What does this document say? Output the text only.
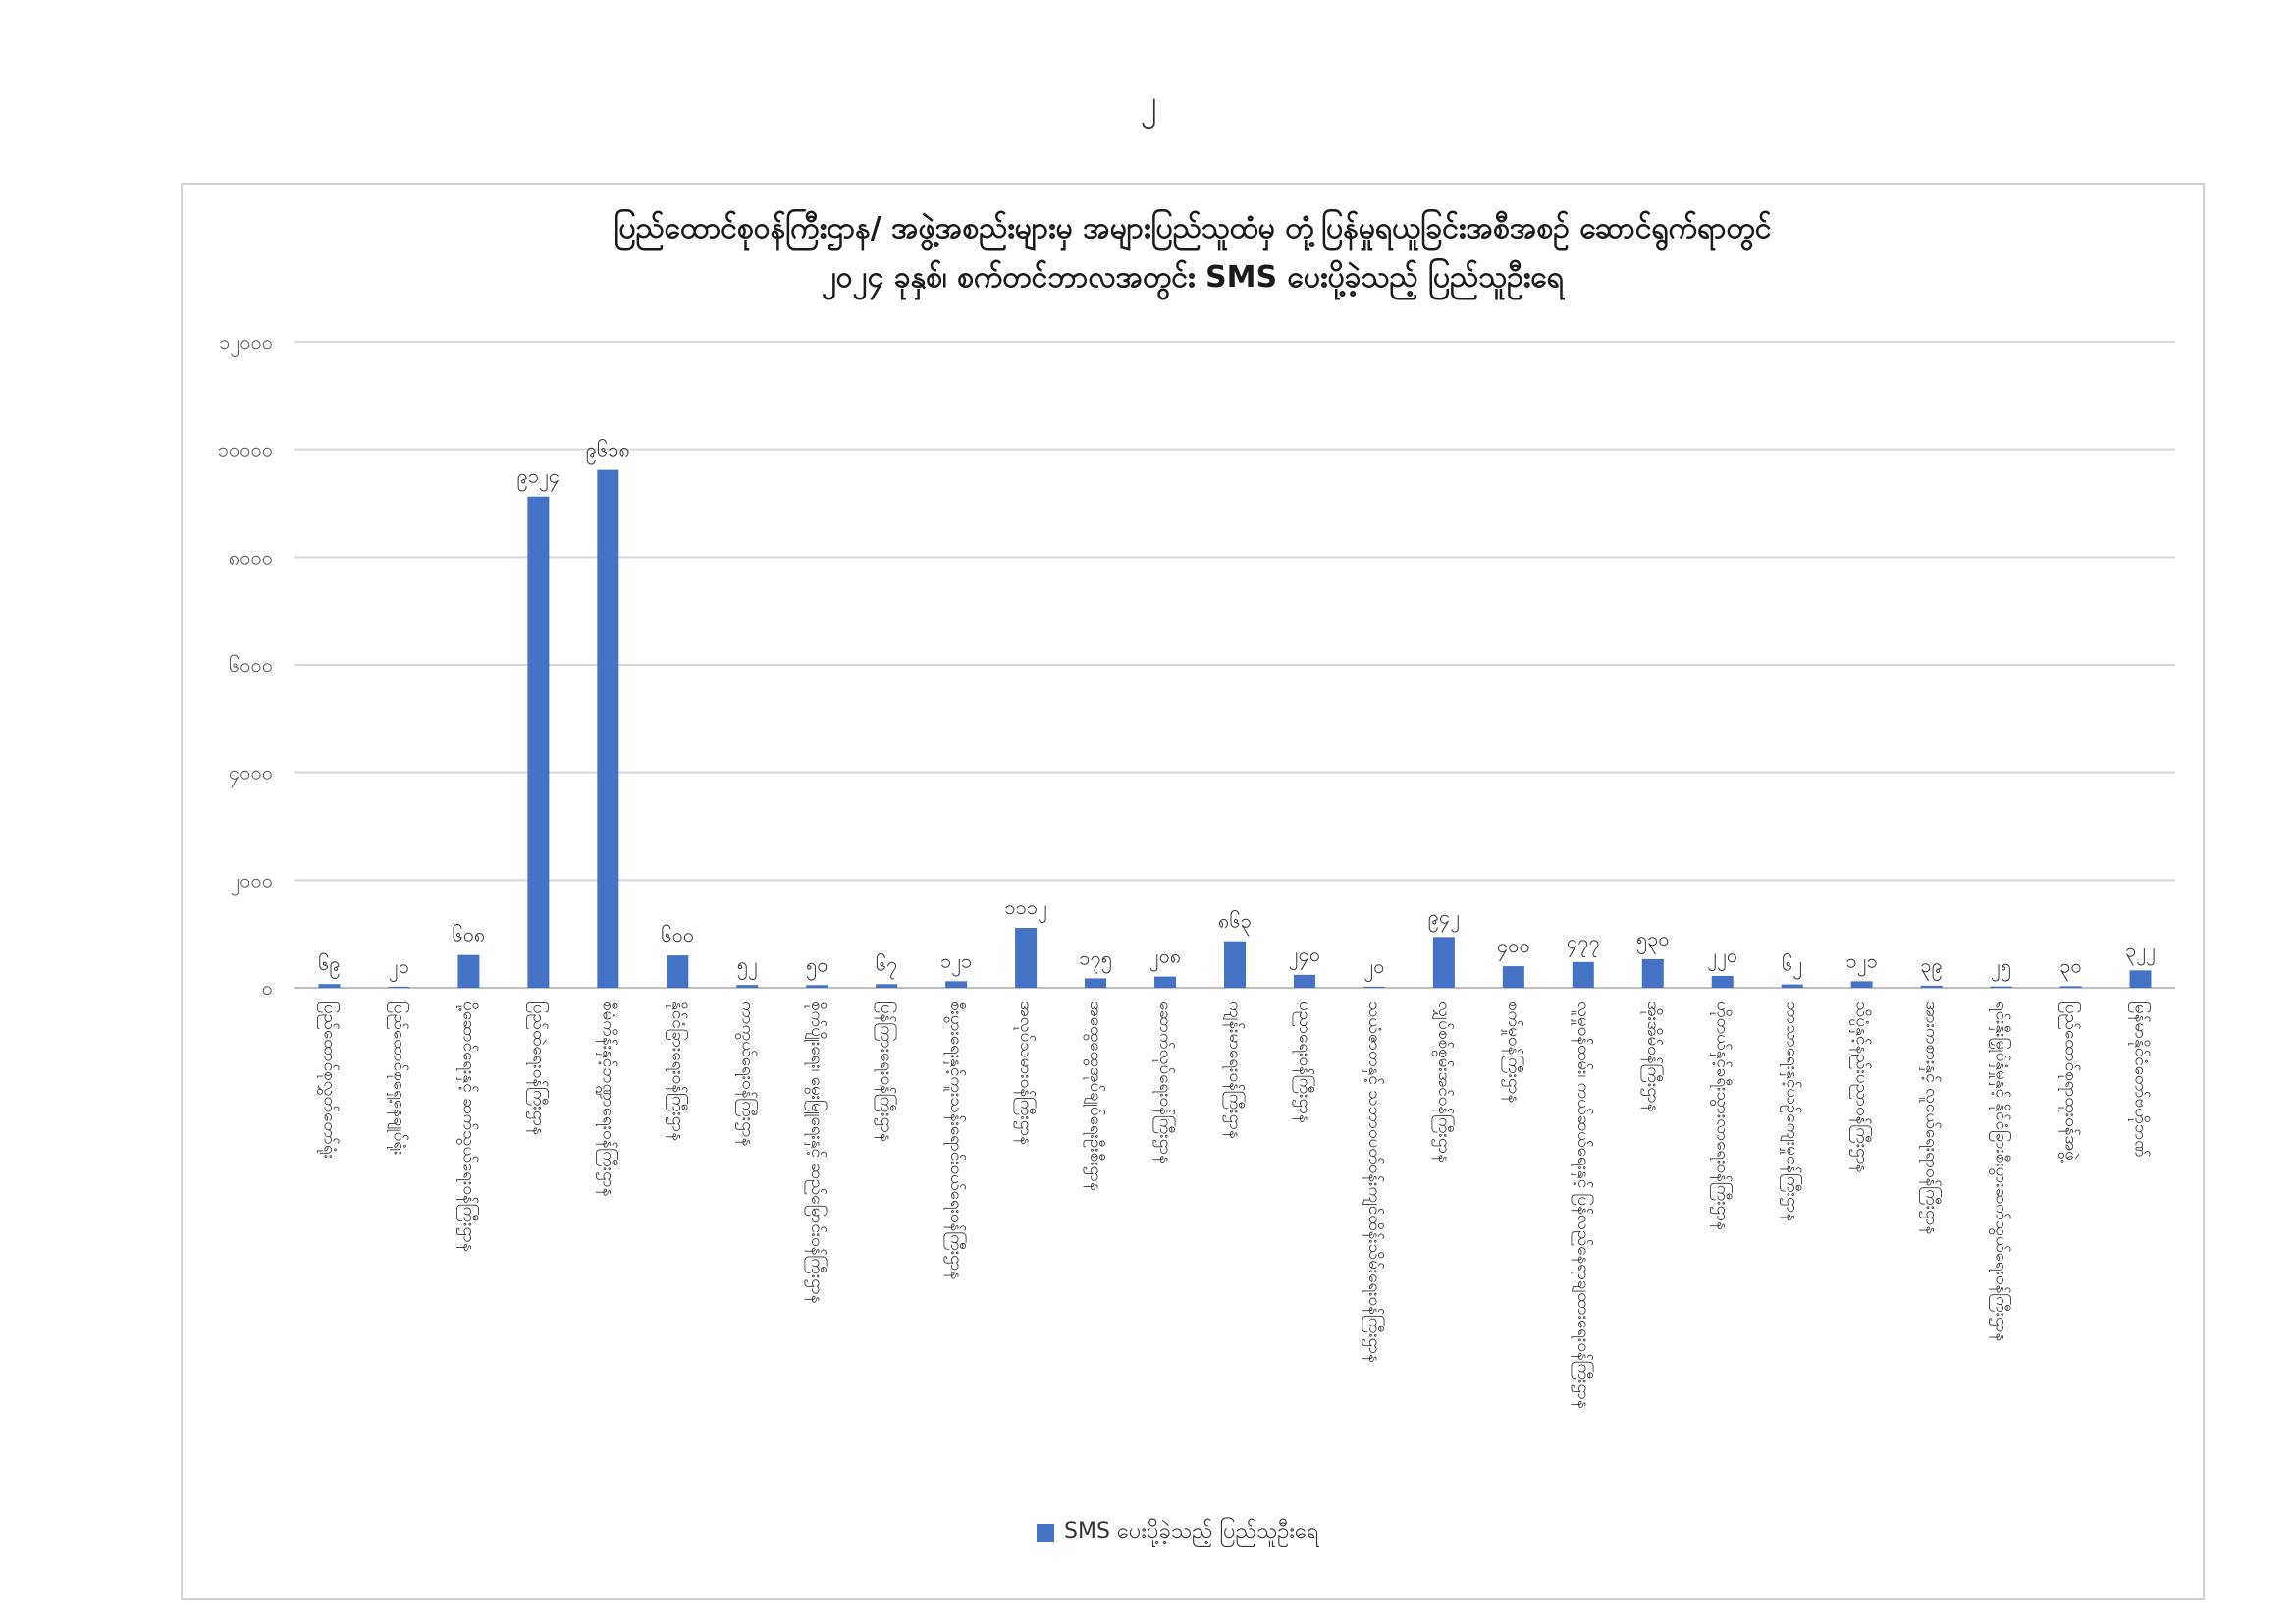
၂
ပြည်ထောင်စုဝန်ကြီးဌာန/ အဖွဲ့အစည်းများမှ အများပြည်သူထံမှ တုံ့ပြန်မှုရယူခြင်းအစီအစဉ် ဆောင်ရွက်ရာတွင်
၂၀၂၄ ခုနှစ်၊ စက်တင်ဘာလအတွင်း SMS ပေးပို့ခဲ့သည့် ပြည်သူဦးရေ
၀
၂၀၀၀
၄၀၀၀
၆၀၀၀
၈၀၀၀
၁၀၀၀၀
၁၂၀၀၀
၆၉
ပြည်ထောင်စုလွှတ်တော်ရုံး
၂၀
ပြည်ထောင်စုရှေ့နေချုပ်ရုံး
၆၀၈
ပို့ဆောင်ရေးနှင့် ဆက်သွယ်ရေးဝန်ကြီးဌာန
၉၁၂၄
ပြည်ထဲရေးဝန်ကြီးဌာန
၉၆၁၈
စီမံကိန်းနှင့်ဘဏ္ဍာရေးဝန်ကြီးဌာန
၆၀၀
နိုင်ငံခြားရေးဝန်ကြီးဌာန
၅၂
ကာကွယ်ရေးဝန်ကြီးဌာန
၅၀
စိုက်ပျိုးရေး၊ မွေးမြူရေးနှင့် ဆည်မြောင်းဝန်ကြီးဌာန
၆၇
ပြန်ကြားရေးဝန်ကြီးဌာန
၁၂၁
စီးပွားရေးနှင့်ကူးသန်းရောင်းဝယ်ရေးဝန်ကြီးဌာန
၁၁၁၂
အလုပ်သမားဝန်ကြီးဌာန
၁၇၅
အထွေထွေအုပ်ချုပ်ရေးဦးစီးဌာန
၂၀၈
ဆောက်လုပ်ရေးဝန်ကြီးဌာန
၈၆၃
ကျန်းမာရေးဝန်ကြီးဌာန
၂၄၀
ပညာရေးဝန်ကြီးဌာန
၂၀
သယံဇာတနှင့် သဘာဝပတ်ဝန်းကျင်ထိန်းသိမ်းရေးဝန်ကြီးဌာန
၉၄၂
လျှပ်စစ်စွမ်းအင်ဝန်ကြီးဌာန
၄၀၀
စက်မှုဝန်ကြီးဌာန
၄၇၇
လူမှုဝန်ထမ်း၊ ကယ်ဆယ်ရေးနှင့် ပြန်လည်နေရာချထားရေးဝန်ကြီးဌာန
၅၃၀
အိုးအိမ်ဝန်ကြီးဌာန
၂၂၀
ဟိုတယ်နှင့်ခရီးသွားလာရေးဝန်ကြီးဌာန
၆၂
ဘာသာရေးနှင့်ယဉ်ကျေးမှုဝန်ကြီးဌာန
၁၂၁
သိပ္ပံနှင့်နည်းပညာဝန်ကြီးဌာန
၃၉
အားကစားနှင့် လူငယ်ရေးရာဝန်ကြီးဌာန
၂၅
ရင်းနှီးမြှုပ်နှံမှုနှင့် နိုင်ငံခြားစီးပွားဆက်သွယ်ရေးဝန်ကြီးဌာန
၃၀
ပြည်ထောင်စုရာထူးဝန်အဖွဲ့
၃၂၂
မြန်မာနိုင်ငံတော်ဗဟိုဘဏ်
SMS ပေးပို့ခဲ့သည့် ပြည်သူဦးရေ
